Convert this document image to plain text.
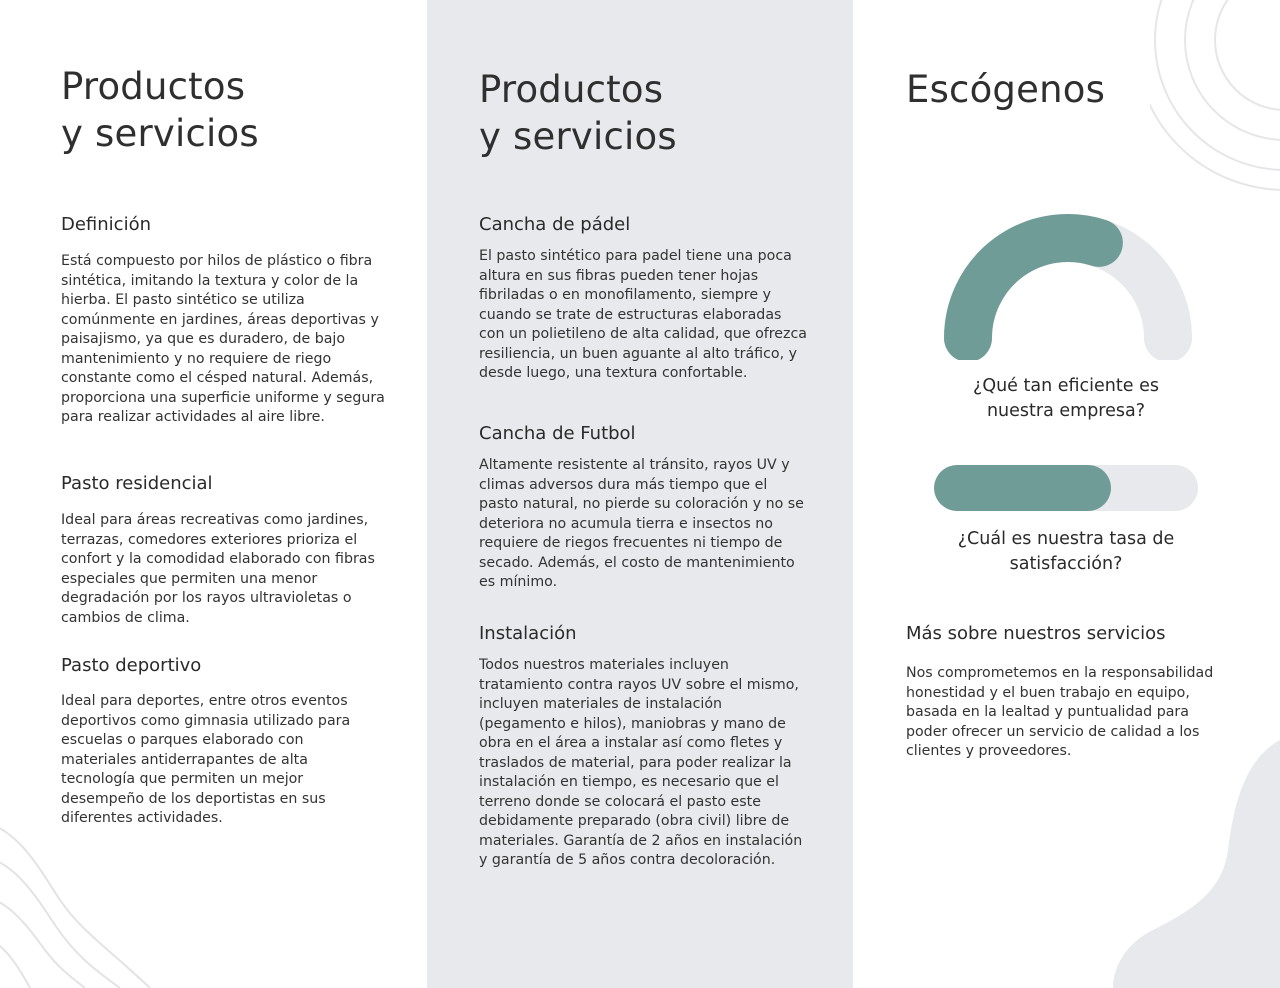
Productos
y servicios
Definición

Está compuesto por hilos de plástico o fibra sintética, imitando la textura y color de la hierba. El pasto sintético se utiliza comúnmente en jardines, áreas deportivas y paisajismo, ya que es duradero, de bajo mantenimiento y no requiere de riego constante como el césped natural. Además, proporciona una superficie uniforme y segura para realizar actividades al aire libre.

Pasto residencial

Ideal para áreas recreativas como jardines, terrazas, comedores exteriores prioriza el confort y la comodidad elaborado con fibras especiales que permiten una menor degradación por los rayos ultravioletas o cambios de clima.

Pasto deportivo

Ideal para deportes, entre otros eventos deportivos como gimnasia utilizado para escuelas o parques elaborado con materiales antiderrapantes de alta tecnología que permiten un mejor desempeño de los deportistas en sus diferentes actividades.

Productos
y servicios
Cancha de pádel

El pasto sintético para padel tiene una poca altura en sus fibras pueden tener hojas fibriladas o en monofilamento, siempre y cuando se trate de estructuras elaboradas con un polietileno de alta calidad, que ofrezca resiliencia, un buen aguante al alto tráfico, y desde luego, una textura confortable.

Cancha de Futbol

Altamente resistente al tránsito, rayos UV y climas adversos dura más tiempo que el pasto natural, no pierde su coloración y no se deteriora no acumula tierra e insectos no requiere de riegos frecuentes ni tiempo de secado. Además, el costo de mantenimiento es mínimo.

Instalación

Todos nuestros materiales incluyen tratamiento contra rayos UV sobre el mismo, incluyen materiales de instalación (pegamento e hilos), maniobras y mano de obra en el área a instalar así como fletes y traslados de material, para poder realizar la instalación en tiempo, es necesario que el terreno donde se colocará el pasto este debidamente preparado (obra civil) libre de materiales. Garantía de 2 años en instalación y garantía de 5 años contra decoloración.

Escógenos

¿Qué tan eficiente es nuestra empresa?

¿Cuál es nuestra tasa de satisfacción?

Más sobre nuestros servicios

Nos comprometemos en la responsabilidad honestidad y el buen trabajo en equipo, basada en la lealtad y puntualidad para poder ofrecer un servicio de calidad a los clientes y proveedores.
